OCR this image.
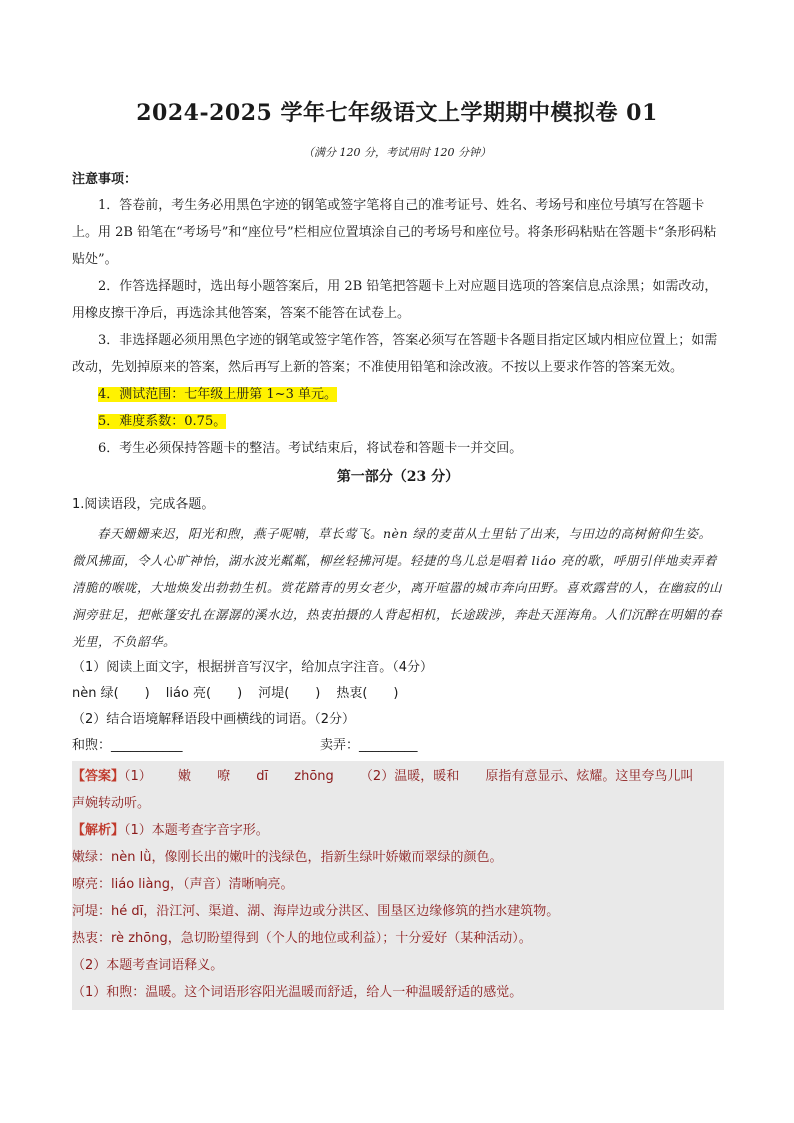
2024-2025 学年七年级语文上学期期中模拟卷 01
（满分 120 分，考试用时 120 分钟）
注意事项：
1．答卷前，考生务必用黑色字迹的钢笔或签字笔将自己的准考证号、姓名、考场号和座位号填写在答题卡上。用 2B 铅笔在“考场号”和“座位号”栏相应位置填涂自己的考场号和座位号。将条形码粘贴在答题卡“条形码粘贴处”。
2．作答选择题时，选出每小题答案后，用 2B 铅笔把答题卡上对应题目选项的答案信息点涂黑；如需改动，用橡皮擦干净后，再选涂其他答案，答案不能答在试卷上。
3．非选择题必须用黑色字迹的钢笔或签字笔作答，答案必须写在答题卡各题目指定区域内相应位置上；如需改动，先划掉原来的答案，然后再写上新的答案；不准使用铅笔和涂改液。不按以上要求作答的答案无效。
4．测试范围：七年级上册第 1~3 单元。
5．难度系数：0.75。
6．考生必须保持答题卡的整洁。考试结束后，将试卷和答题卡一并交回。
第一部分（23 分）
1.阅读语段，完成各题。
春天姗姗来迟，阳光和煦，燕子呢喃，草长莺飞。nèn 绿的麦苗从土里钻了出来，与田边的高树俯仰生姿。微风拂面，令人心旷神怡，湖水波光粼粼，柳丝轻拂河堤。轻捷的鸟儿总是唱着 liáo 亮的歌，呼朋引伴地卖弄着清脆的喉咙，大地焕发出勃勃生机。赏花踏青的男女老少，离开喧嚣的城市奔向田野。喜欢露营的人，在幽寂的山涧旁驻足，把帐篷安扎在潺潺的溪水边，热衷拍摄的人背起相机，长途跋涉，奔赴天涯海角。人们沉醉在明媚的春光里，不负韶华。
（1）阅读上面文字，根据拼音写汉字，给加点字注音。（4分）
nèn 绿(　　) liáo 亮(　　) 河堤(　　) 热衷(　　)
（2）结合语境解释语段中画横线的词语。（2分）
和煦：___________	卖弄：_________
【答案】（1） 嫩 嘹 dī zhōng （2）温暖，暖和 原指有意显示、炫耀。这里夸鸟儿叫
声婉转动听。
【解析】（1）本题考查字音字形。
嫩绿：nèn lǜ，像刚长出的嫩叶的浅绿色，指新生绿叶娇嫩而翠绿的颜色。
嘹亮：liáo liàng，（声音）清晰响亮。
河堤：hé dī，沿江河、渠道、湖、海岸边或分洪区、围垦区边缘修筑的挡水建筑物。
热衷：rè zhōng，急切盼望得到（个人的地位或利益）；十分爱好（某种活动）。
（2）本题考查词语释义。
（1）和煦：温暖。这个词语形容阳光温暖而舒适，给人一种温暖舒适的感觉。
